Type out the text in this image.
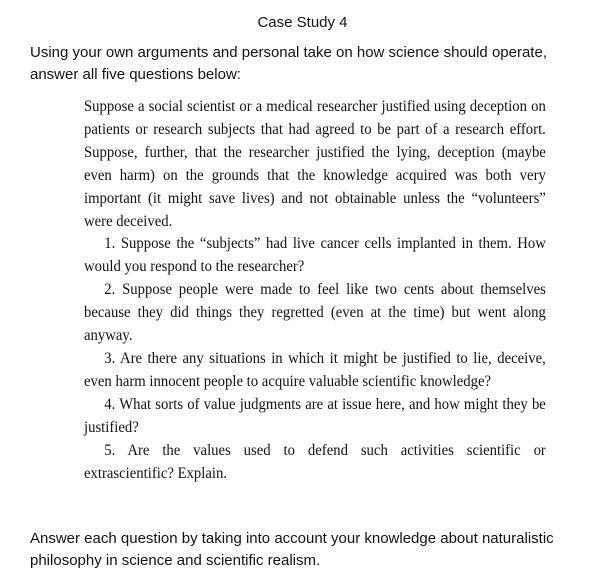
Case Study 4
Using your own arguments and personal take on how science should operate, answer all five questions below:

Suppose a social scientist or a medical researcher justified using deception on patients or research subjects that had agreed to be part of a research effort. Suppose, further, that the researcher justified the lying, deception (maybe even harm) on the grounds that the knowledge acquired was both very important (it might save lives) and not obtainable unless the “volunteers” were deceived.

1. Suppose the “subjects” had live cancer cells implanted in them. How would you respond to the researcher?

2. Suppose people were made to feel like two cents about themselves because they did things they regretted (even at the time) but went along anyway.

3. Are there any situations in which it might be justified to lie, deceive, even harm innocent people to acquire valuable scientific knowledge?

4. What sorts of value judgments are at issue here, and how might they be justified?

5. Are the values used to defend such activities scientific or extrascientific? Explain.

Answer each question by taking into account your knowledge about naturalistic philosophy in science and scientific realism.
